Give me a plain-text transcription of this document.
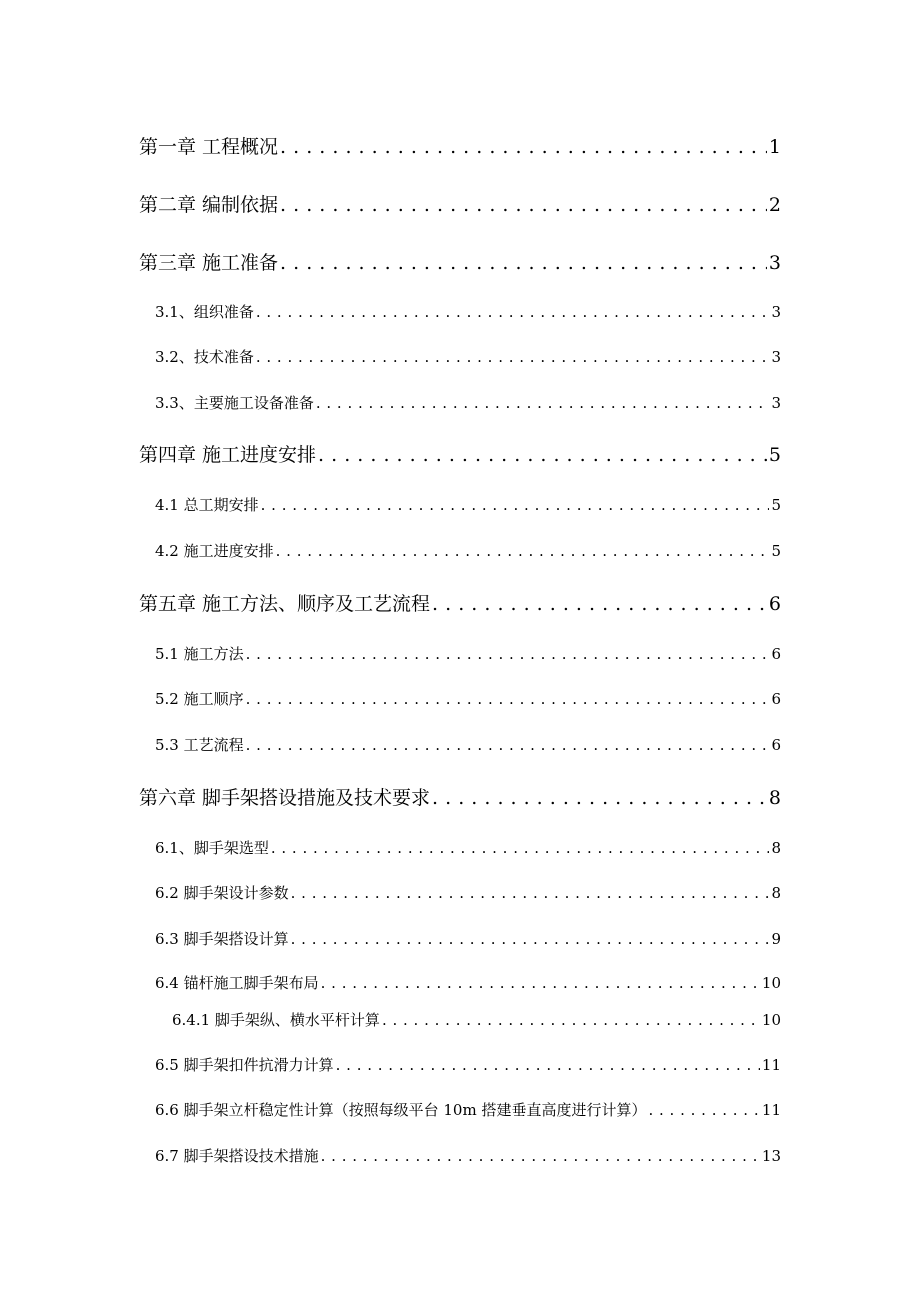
第一章 工程概况 . . .	1
第二章 编制依据 . . .	2
第三章 施工准备 . . .	3
3.1、组织准备 . . .	3
3.2、技术准备 . . .	3
3.3、主要施工设备准备 . . .	3
第四章 施工进度安排 . . .	5
4.1 总工期安排 . . .	5
4.2 施工进度安排 . . .	5
第五章 施工方法、顺序及工艺流程 . . .	6
5.1 施工方法 . . .	6
5.2 施工顺序 . . .	6
5.3 工艺流程 . . .	6
第六章 脚手架搭设措施及技术要求 . . .	8
6.1、脚手架选型 . . .	8
6.2 脚手架设计参数 . . .	8
6.3 脚手架搭设计算 . . .	9
6.4 锚杆施工脚手架布局 . . .	10
6.4.1 脚手架纵、横水平杆计算 . . .	10
6.5 脚手架扣件抗滑力计算 . . .	11
6.6 脚手架立杆稳定性计算（按照每级平台 10m 搭建垂直高度进行计算） . . .	11
6.7 脚手架搭设技术措施 . . .	13
